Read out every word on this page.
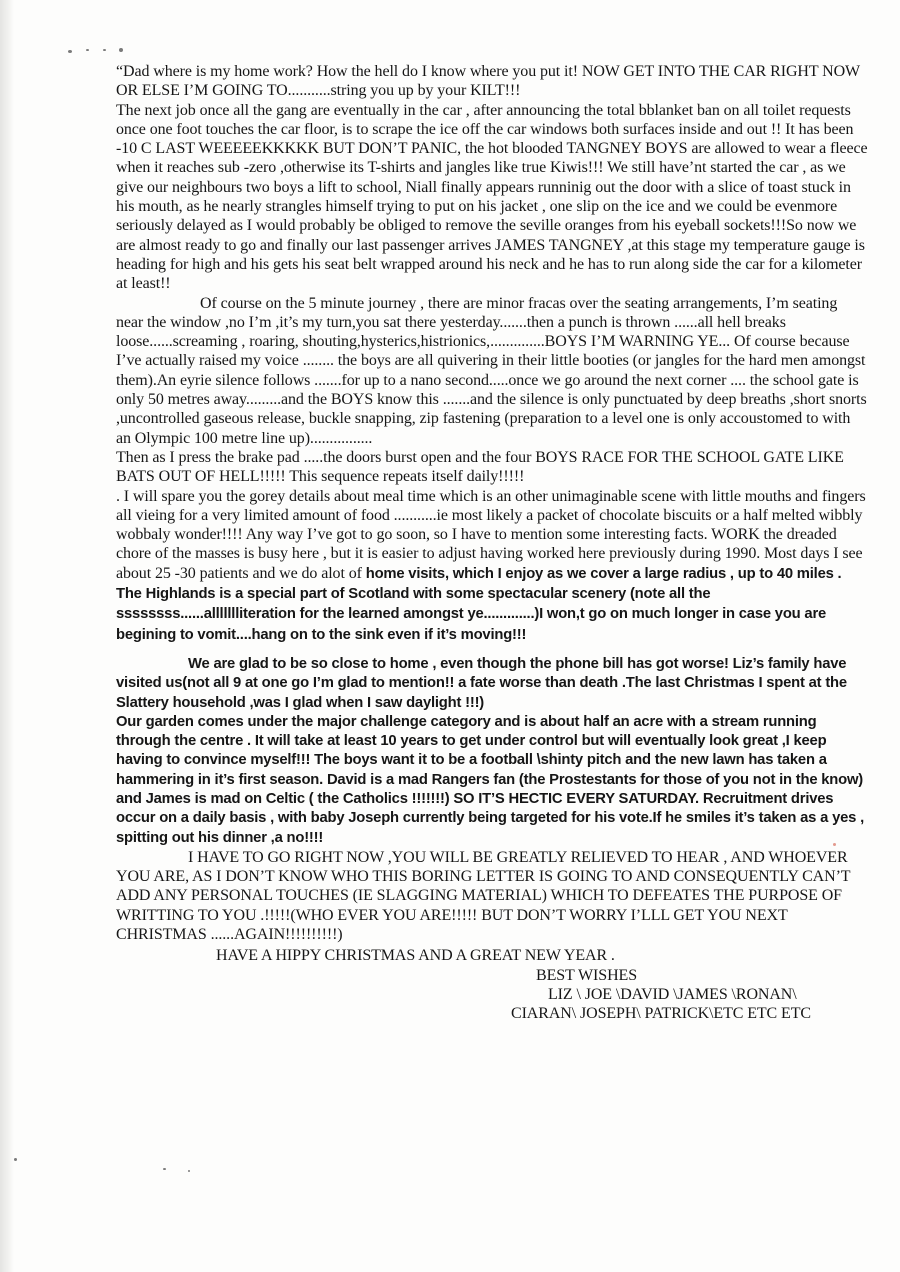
“Dad where is my home work? How the hell do I know where you put it! NOW GET INTO THE CAR RIGHT NOW OR ELSE I’M GOING TO...........string you up by your KILT!!!

The next job once all the gang are eventually in the car , after announcing the total bblanket ban on all toilet requests once one foot touches the car floor, is to scrape the ice off the car windows both surfaces inside and out !! It has been -10 C LAST WEEEEEKKKKK BUT DON’T PANIC, the hot blooded TANGNEY BOYS are allowed to wear a fleece when it reaches sub -zero ,otherwise its T-shirts and jangles like true Kiwis!!! We still have’nt started the car , as we give our neighbours two boys a lift to school, Niall finally appears runninig out the door with a slice of toast stuck in his mouth, as he nearly strangles himself trying to put on his jacket , one slip on the ice and we could be evenmore seriously delayed as I would probably be obliged to remove the seville oranges from his eyeball sockets!!!So now we are almost ready to go and finally our last passenger arrives JAMES TANGNEY ,at this stage my temperature gauge is heading for high and his gets his seat belt wrapped around his neck and he has to run along side the car for a kilometer at least!!

Of course on the 5 minute journey , there are minor fracas over the seating arrangements, I’m seating near the window ,no I’m ,it’s my turn,you sat there yesterday.......then a punch is thrown ......all hell breaks loose......screaming , roaring, shouting,hysterics,histrionics,..............BOYS I’M WARNING YE... Of course because I’ve actually raised my voice ........ the boys are all quivering in their little booties (or jangles for the hard men amongst them).An eyrie silence follows .......for up to a nano second.....once we go around the next corner .... the school gate is only 50 metres away.........and the BOYS know this .......and the silence is only punctuated by deep breaths ,short snorts ,uncontrolled gaseous release, buckle snapping, zip fastening (preparation to a level one is only accoustomed to with an Olympic 100 metre line up)................

Then as I press the brake pad .....the doors burst open and the four BOYS RACE FOR THE SCHOOL GATE LIKE BATS OUT OF HELL!!!!! This sequence repeats itself daily!!!!!

. I will spare you the gorey details about meal time which is an other unimaginable scene with little mouths and fingers all vieing for a very limited amount of food ...........ie most likely a packet of chocolate biscuits or a half melted wibbly wobbaly wonder!!!! Any way I’ve got to go soon, so I have to mention some interesting facts. WORK the dreaded chore of the masses is busy here , but it is easier to adjust having worked here previously during 1990. Most days I see about 25 -30 patients and we do alot of home visits, which I enjoy as we cover a large radius , up to 40 miles . The Highlands is a special part of Scotland with some spectacular scenery (note all the ssssssss......allllllliteration for the learned amongst ye.............)I won,t go on much longer in case you are begining to vomit....hang on to the sink even if it’s moving!!!

We are glad to be so close to home , even though the phone bill has got worse! Liz’s family have visited us(not all 9 at one go I’m glad to mention!! a fate worse than death .The last Christmas I spent at the Slattery household ,was I glad when I saw daylight !!!)

Our garden comes under the major challenge category and is about half an acre with a stream running through the centre . It will take at least 10 years to get under control but will eventually look great ,I keep having to convince myself!!! The boys want it to be a football \shinty pitch and the new lawn has taken a hammering in it’s first season. David is a mad Rangers fan (the Prostestants for those of you not in the know) and James is mad on Celtic ( the Catholics !!!!!!!) SO IT’S HECTIC EVERY SATURDAY. Recruitment drives occur on a daily basis , with baby Joseph currently being targeted for his vote.If he smiles it’s taken as a yes , spitting out his dinner ,a no!!!!

I HAVE TO GO RIGHT NOW ,YOU WILL BE GREATLY RELIEVED TO HEAR , AND WHOEVER YOU ARE, AS I DON’T KNOW WHO THIS BORING LETTER IS GOING TO AND CONSEQUENTLY CAN’T ADD ANY PERSONAL TOUCHES (IE SLAGGING MATERIAL) WHICH TO DEFEATES THE PURPOSE OF WRITTING TO YOU .!!!!!(WHO EVER YOU ARE!!!!! BUT DON’T WORRY I’LLL GET YOU NEXT CHRISTMAS ......AGAIN!!!!!!!!!!)

HAVE A HIPPY CHRISTMAS AND A GREAT NEW YEAR .
BEST WISHES
LIZ \ JOE \DAVID \JAMES \RONAN\
CIARAN\ JOSEPH\ PATRICK\ETC ETC ETC
